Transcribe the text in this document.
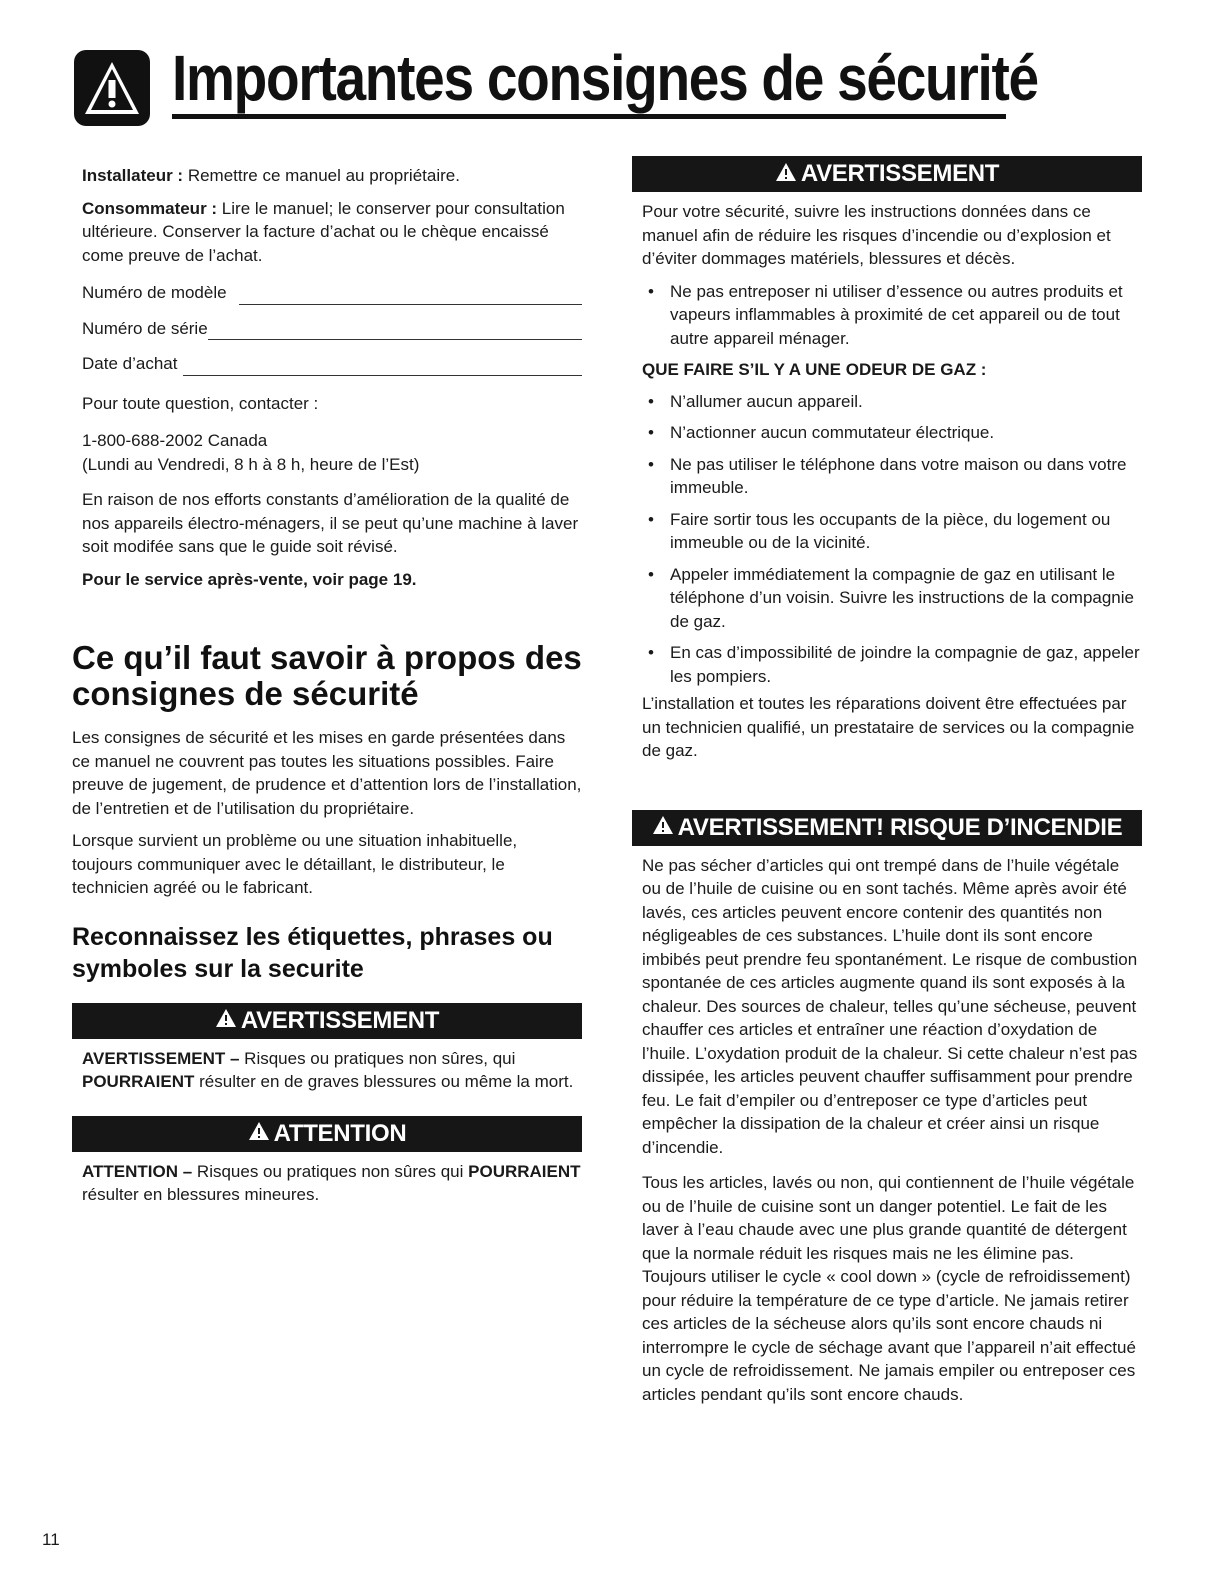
Importantes consignes de sécurité

Installateur : Remettre ce manuel au propriétaire.

Consommateur : Lire le manuel; le conserver pour consultation ultérieure. Conserver la facture d’achat ou le chèque encaissé come preuve de l’achat.

Numéro de modèle
Numéro de série
Date d’achat

Pour toute question, contacter :

1-800-688-2002 Canada
(Lundi au Vendredi, 8 h à 8 h, heure de l’Est)

En raison de nos efforts constants d’amélioration de la qualité de nos appareils électro-ménagers, il se peut qu’une machine à laver soit modifée sans que le guide soit révisé.

Pour le service après-vente, voir page 19.

Ce qu’il faut savoir à propos des consignes de sécurité

Les consignes de sécurité et les mises en garde présentées dans ce manuel ne couvrent pas toutes les situations possibles. Faire preuve de jugement, de prudence et d’attention lors de l’installation, de l’entretien et de l’utilisation du propriétaire.

Lorsque survient un problème ou une situation inhabituelle, toujours communiquer avec le détaillant, le distributeur, le technicien agréé ou le fabricant.

Reconnaissez les étiquettes, phrases ou symboles sur la securite
AVERTISSEMENT

AVERTISSEMENT – Risques ou pratiques non sûres, qui POURRAIENT résulter en de graves blessures ou même la mort.

ATTENTION

ATTENTION – Risques ou pratiques non sûres qui POURRAIENT résulter en blessures mineures.

AVERTISSEMENT

Pour votre sécurité, suivre les instructions données dans ce manuel afin de réduire les risques d’incendie ou d’explosion et d’éviter dommages matériels, blessures et décès.

• Ne pas entreposer ni utiliser d’essence ou autres produits et vapeurs inflammables à proximité de cet appareil ou de tout autre appareil ménager.
QUE FAIRE S’IL Y A UNE ODEUR DE GAZ :
• N’allumer aucun appareil.
• N’actionner aucun commutateur électrique.
• Ne pas utiliser le téléphone dans votre maison ou dans votre immeuble.
• Faire sortir tous les occupants de la pièce, du logement ou immeuble ou de la vicinité.
• Appeler immédiatement la compagnie de gaz en utilisant le téléphone d’un voisin. Suivre les instructions de la compagnie de gaz.
• En cas d’impossibilité de joindre la compagnie de gaz, appeler les pompiers.

L’installation et toutes les réparations doivent être effectuées par un technicien qualifié, un prestataire de services ou la compagnie de gaz.

AVERTISSEMENT! RISQUE D’INCENDIE

Ne pas sécher d’articles qui ont trempé dans de l’huile végétale ou de l’huile de cuisine ou en sont tachés. Même après avoir été lavés, ces articles peuvent encore contenir des quantités non négligeables de ces substances. L’huile dont ils sont encore imbibés peut prendre feu spontanément. Le risque de combustion spontanée de ces articles augmente quand ils sont exposés à la chaleur. Des sources de chaleur, telles qu’une sécheuse, peuvent chauffer ces articles et entraîner une réaction d’oxydation de l’huile. L’oxydation produit de la chaleur. Si cette chaleur n’est pas dissipée, les articles peuvent chauffer suffisamment pour prendre feu. Le fait d’empiler ou d’entreposer ce type d’articles peut empêcher la dissipation de la chaleur et créer ainsi un risque d’incendie.

Tous les articles, lavés ou non, qui contiennent de l’huile végétale ou de l’huile de cuisine sont un danger potentiel. Le fait de les laver à l’eau chaude avec une plus grande quantité de détergent que la normale réduit les risques mais ne les élimine pas. Toujours utiliser le cycle « cool down » (cycle de refroidissement) pour réduire la température de ce type d’article. Ne jamais retirer ces articles de la sécheuse alors qu’ils sont encore chauds ni interrompre le cycle de séchage avant que l’appareil n’ait effectué un cycle de refroidissement. Ne jamais empiler ou entreposer ces articles pendant qu’ils sont encore chauds.

11
